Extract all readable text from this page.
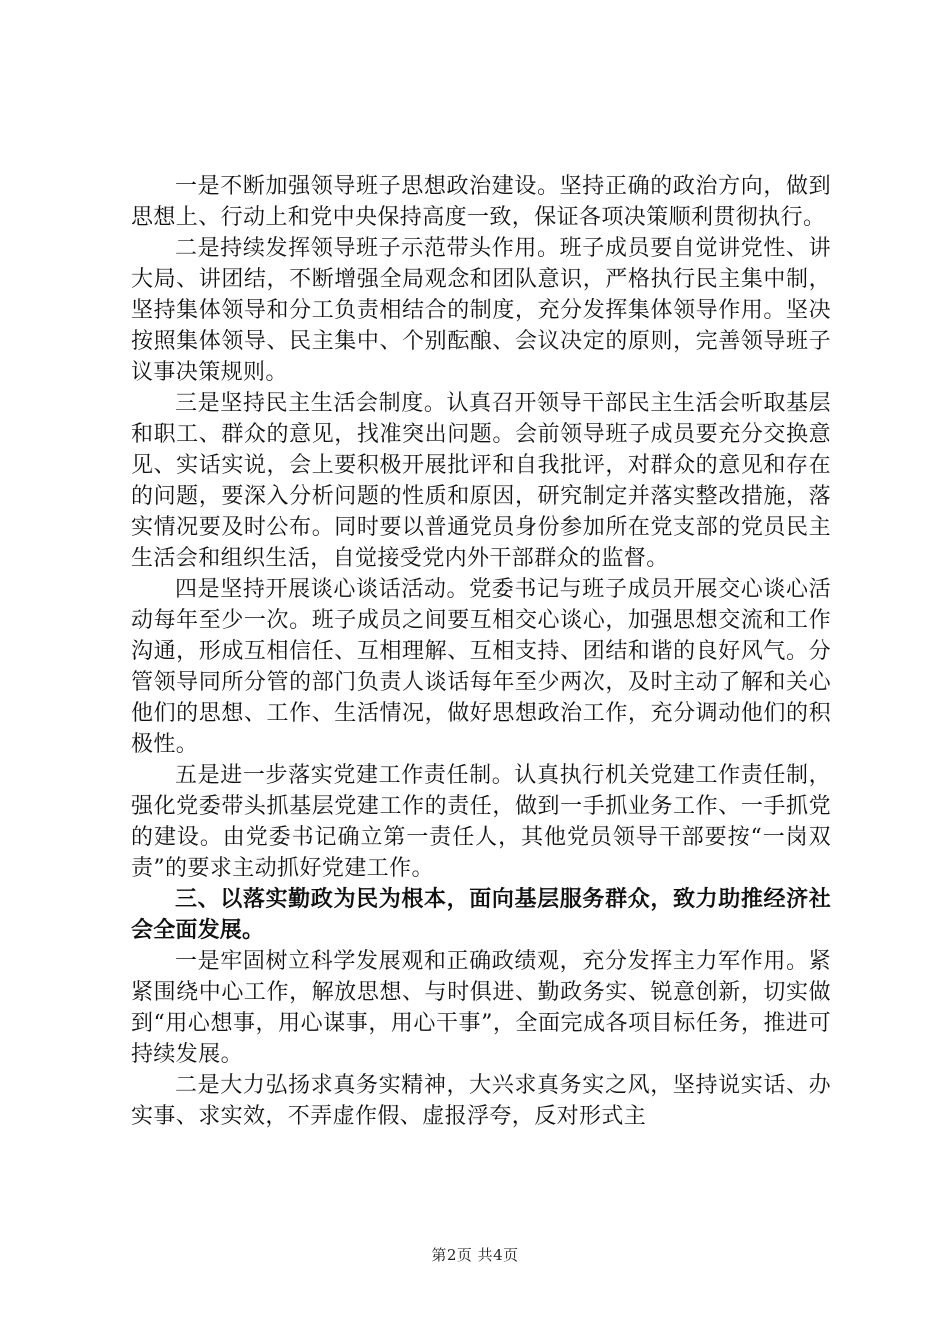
一是不断加强领导班子思想政治建设。坚持正确的政治方向，做到思想上、行动上和党中央保持高度一致，保证各项决策顺利贯彻执行。

二是持续发挥领导班子示范带头作用。班子成员要自觉讲党性、讲大局、讲团结，不断增强全局观念和团队意识，严格执行民主集中制，坚持集体领导和分工负责相结合的制度，充分发挥集体领导作用。坚决按照集体领导、民主集中、个别酝酿、会议决定的原则，完善领导班子议事决策规则。

三是坚持民主生活会制度。认真召开领导干部民主生活会听取基层和职工、群众的意见，找准突出问题。会前领导班子成员要充分交换意见、实话实说，会上要积极开展批评和自我批评，对群众的意见和存在的问题，要深入分析问题的性质和原因，研究制定并落实整改措施，落实情况要及时公布。同时要以普通党员身份参加所在党支部的党员民主生活会和组织生活，自觉接受党内外干部群众的监督。

四是坚持开展谈心谈话活动。党委书记与班子成员开展交心谈心活动每年至少一次。班子成员之间要互相交心谈心，加强思想交流和工作沟通，形成互相信任、互相理解、互相支持、团结和谐的良好风气。分管领导同所分管的部门负责人谈话每年至少两次，及时主动了解和关心他们的思想、工作、生活情况，做好思想政治工作，充分调动他们的积极性。

五是进一步落实党建工作责任制。认真执行机关党建工作责任制，强化党委带头抓基层党建工作的责任，做到一手抓业务工作、一手抓党的建设。由党委书记确立第一责任人，其他党员领导干部要按“一岗双责”的要求主动抓好党建工作。

三、以落实勤政为民为根本，面向基层服务群众，致力助推经济社会全面发展。

一是牢固树立科学发展观和正确政绩观，充分发挥主力军作用。紧紧围绕中心工作，解放思想、与时俱进、勤政务实、锐意创新，切实做到“用心想事，用心谋事，用心干事”，全面完成各项目标任务，推进可持续发展。

二是大力弘扬求真务实精神，大兴求真务实之风，坚持说实话、办实事、求实效，不弄虚作假、虚报浮夸，反对形式主

第2页 共4页
